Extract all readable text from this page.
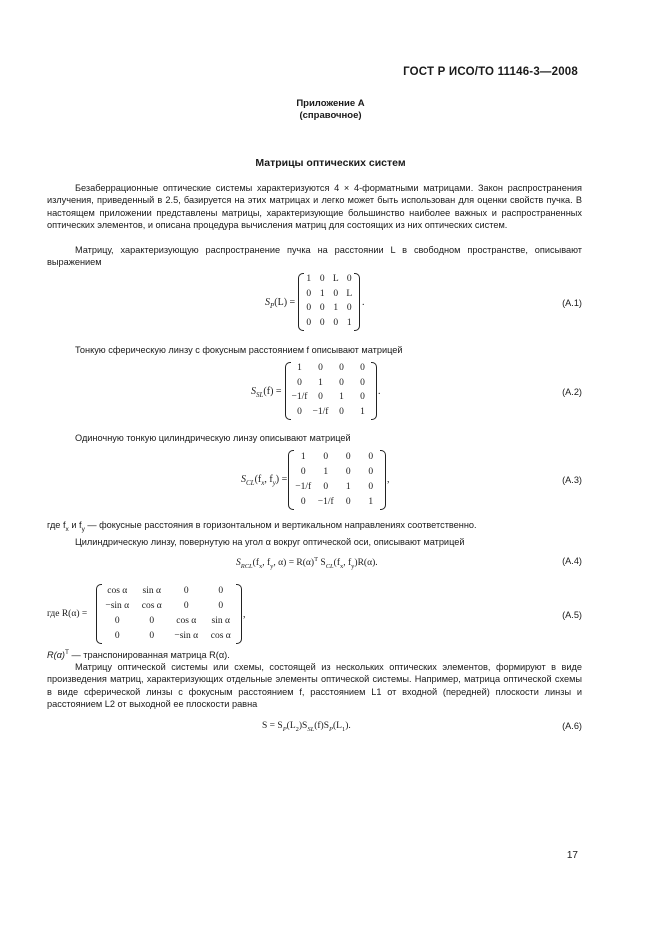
ГОСТ Р ИСО/ТО 11146-3—2008
Приложение А
(справочное)
Матрицы оптических систем

Безаберрационные оптические системы характеризуются 4 × 4-форматными матрицами. Закон распространения излучения, приведенный в 2.5, базируется на этих матрицах и легко может быть использован для оценки свойств пучка. В настоящем приложении представлены матрицы, характеризующие большинство наиболее важных и распространенных оптических элементов, и описана процедура вычисления матриц для состоящих из них оптических систем.

Матрицу, характеризующую распространение пучка на расстоянии L в свободном пространстве, описывают выражением

$S_P(L)$ =
1 0 L 0
0 1 0 L
0 0 1 0
0 0 0 1
.	(А.1)

Тонкую сферическую линзу с фокусным расстоянием f описывают матрицей

$S_{SL}(f)$ =
1	0	0	0
0	1	0	0
−1/f	0	1	0
0	−1/f	0	1
.	(А.2)

Одиночную тонкую цилиндрическую линзу описывают матрицей

$S_{CL}(f_x$, $f_y$) =
1	0	0	0
0	1	0	0
−1/f	0	1	0
0	−1/f	0	1
,	(А.3)
где $f_x$ и $f_y$ — фокусные расстояния в горизонтальном и вертикальном направлениях соответственно.

Цилиндрическую линзу, повернутую на угол α вокруг оптической оси, описывают матрицей

$S_{RCL}(f_x$, $f_y$, $\alpha) = R(\alpha)^T$ $S_{CL}(f_x$, $f_y)R(\alpha)$.	(А.4)
где R(α) =
cos α	sin α	0	0
−sin α	cos α	0	0
0	0	cos α	sin α
0	0	−sin α	cos α
,	(А.5)
$R(\alpha)^T$ — транспонированная матрица R(α).

Матрицу оптической системы или схемы, состоящей из нескольких оптических элементов, формируют в виде произведения матриц, характеризующих отдельные элементы оптической системы. Например, матрица оптической схемы в виде сферической линзы с фокусным расстоянием f, расстоянием L1 от входной (передней) плоскости линзы и расстоянием L2 от выходной ее плоскости равна

$S = S_P(L_2)S_{SL}(f)S_P(L_1)$.	(А.6)
17
